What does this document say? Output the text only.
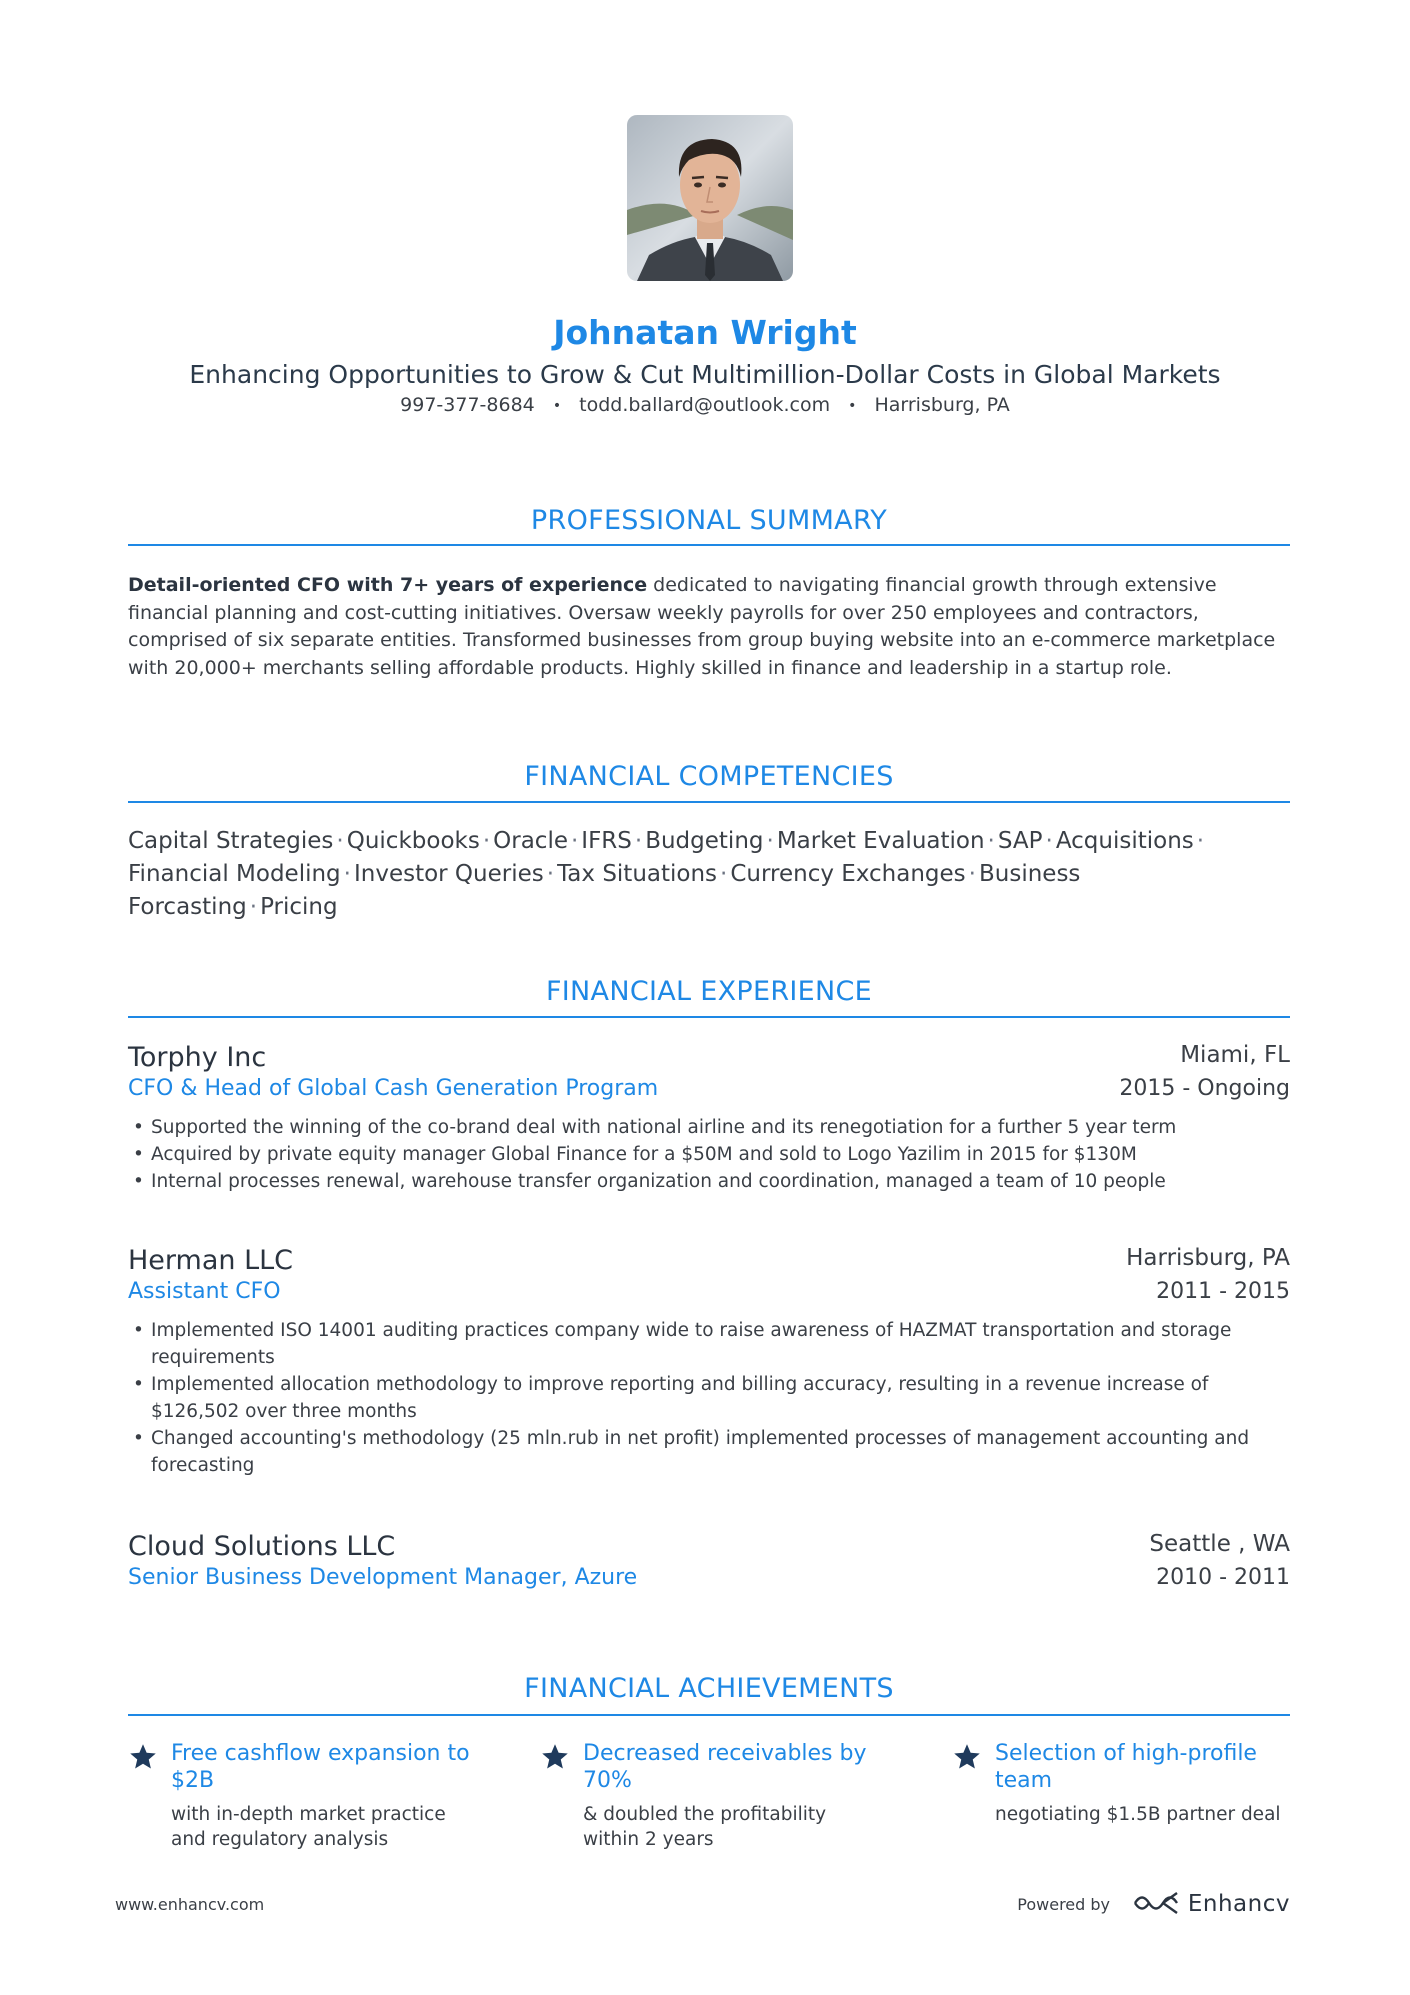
Johnatan Wright
Enhancing Opportunities to Grow & Cut Multimillion-Dollar Costs in Global Markets
997-377-8684 • todd.ballard@outlook.com • Harrisburg, PA
PROFESSIONAL SUMMARY
Detail-oriented CFO with 7+ years of experience dedicated to navigating financial growth through extensive financial planning and cost-cutting initiatives. Oversaw weekly payrolls for over 250 employees and contractors, comprised of six separate entities. Transformed businesses from group buying website into an e-commerce marketplace with 20,000+ merchants selling affordable products. Highly skilled in finance and leadership in a startup role.
FINANCIAL COMPETENCIES
Capital Strategies · Quickbooks · Oracle · IFRS · Budgeting · Market Evaluation · SAP · Acquisitions ·
Financial Modeling · Investor Queries · Tax Situations · Currency Exchanges · Business Forcasting · Pricing
FINANCIAL EXPERIENCE
Torphy Inc	Miami, FL
CFO & Head of Global Cash Generation Program	2015 - Ongoing
• Supported the winning of the co-brand deal with national airline and its renegotiation for a further 5 year term
• Acquired by private equity manager Global Finance for a $50M and sold to Logo Yazilim in 2015 for $130M
• Internal processes renewal, warehouse transfer organization and coordination, managed a team of 10 people
Herman LLC	Harrisburg, PA
Assistant CFO	2011 - 2015
• Implemented ISO 14001 auditing practices company wide to raise awareness of HAZMAT transportation and storage requirements
• Implemented allocation methodology to improve reporting and billing accuracy, resulting in a revenue increase of $126,502 over three months
• Changed accounting's methodology (25 mln.rub in net profit) implemented processes of management accounting and forecasting
Cloud Solutions LLC	Seattle , WA
Senior Business Development Manager, Azure	2010 - 2011
FINANCIAL ACHIEVEMENTS
Free cashflow expansion to $2B
with in-depth market practice and regulatory analysis
Decreased receivables by 70%
& doubled the profitability within 2 years
Selection of high-profile team
negotiating $1.5B partner deal
www.enhancv.com	Powered by	Enhancv
